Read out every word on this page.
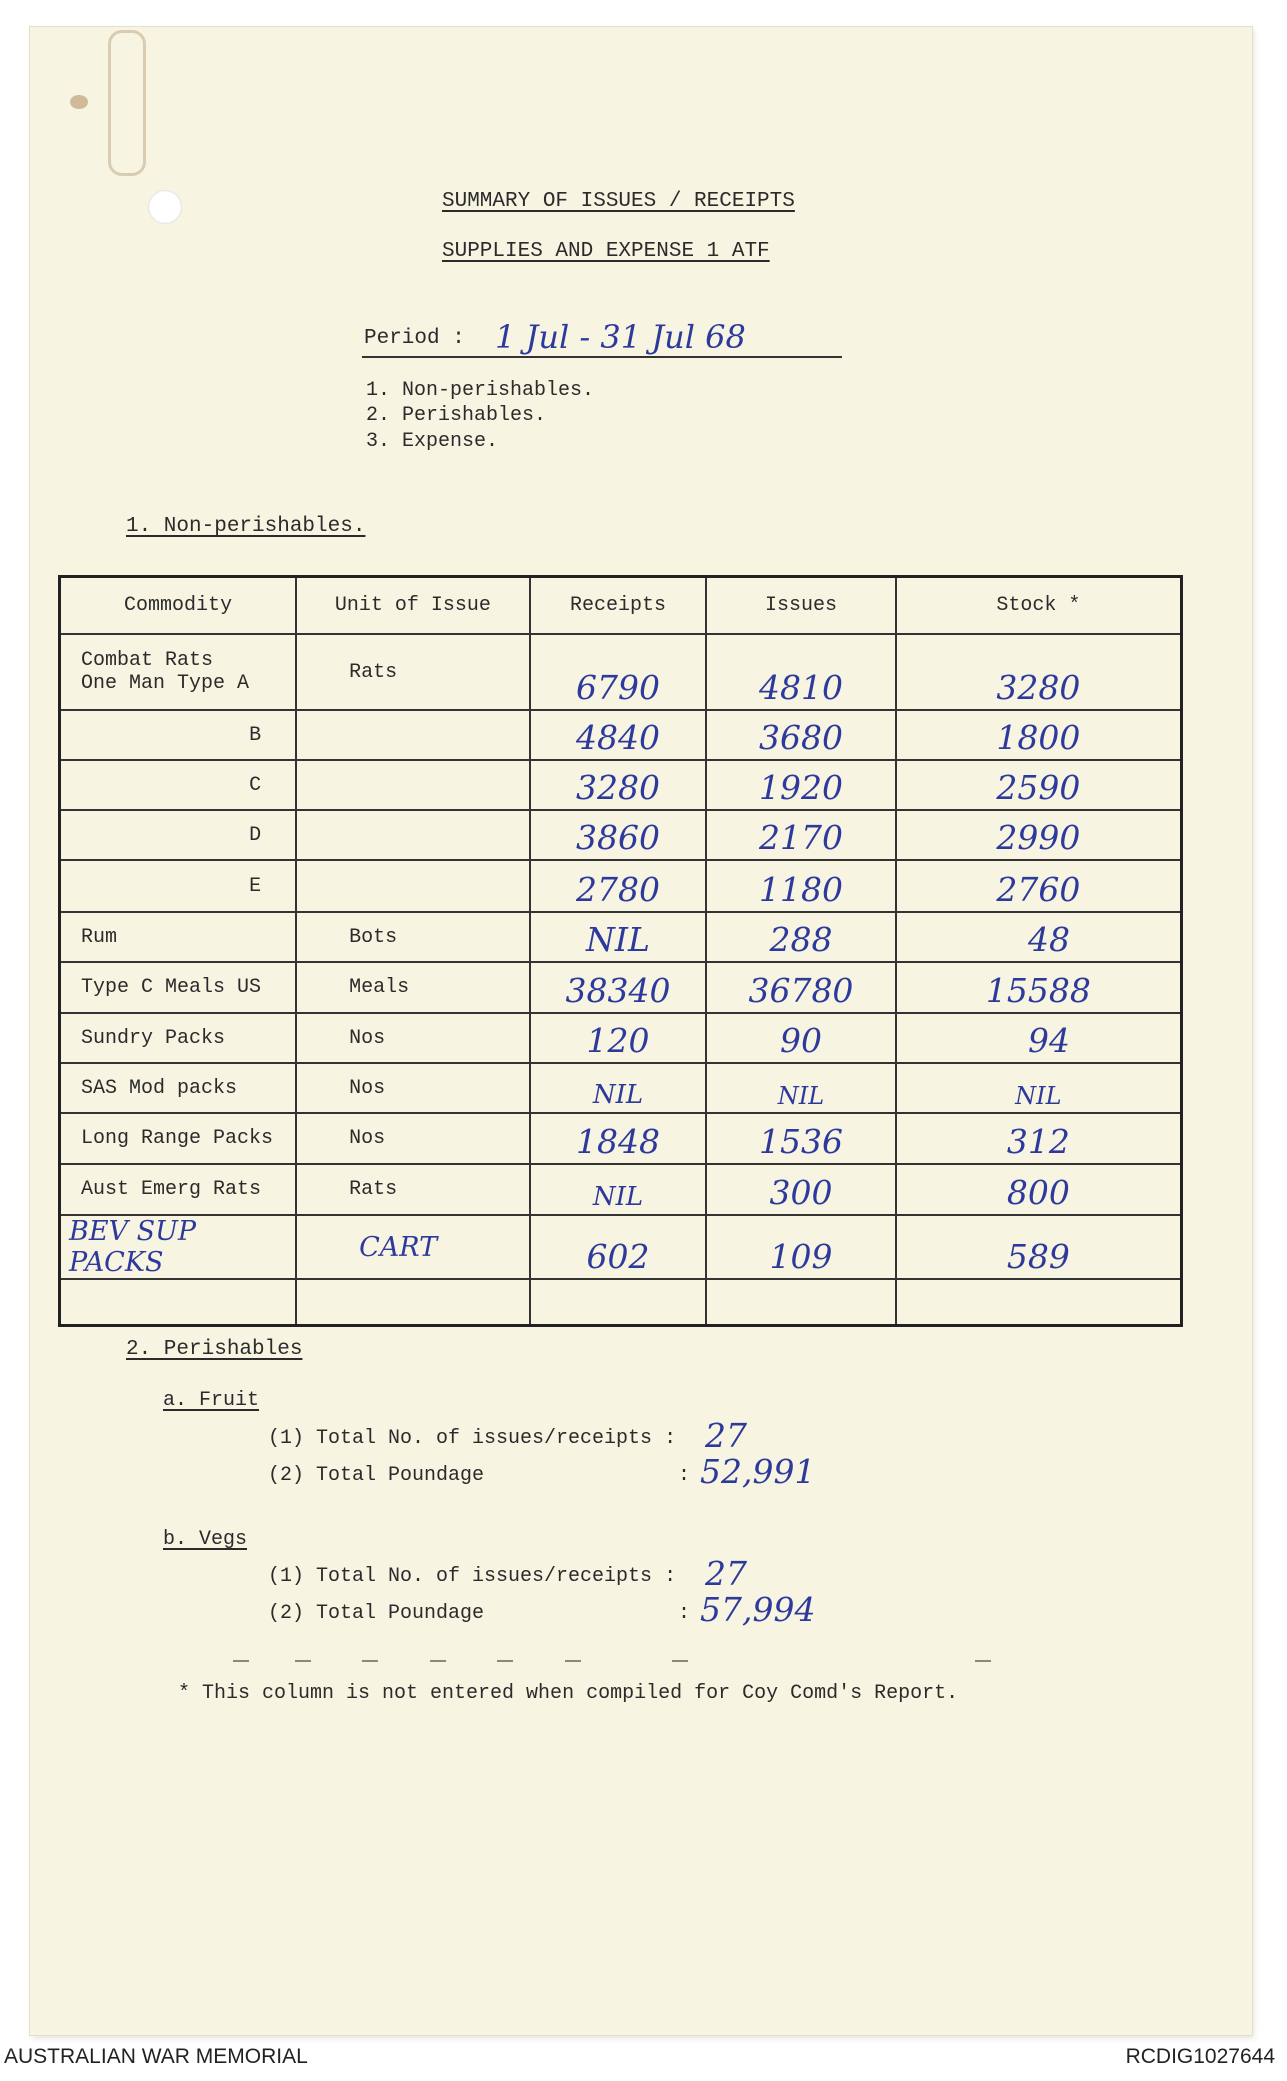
SUMMARY OF ISSUES / RECEIPTS
SUPPLIES AND EXPENSE 1 ATF
Period : 1 Jul - 31 Jul 68
1. Non-perishables.
2. Perishables.
3. Expense.
1. Non-perishables.
Commodity	Unit of Issue	Receipts	Issues	Stock *

Combat Rats
One Man Type A	Rats	6790	4810	3280
B		4840	3680	1800
C		3280	1920	2590
D		3860	2170	2990
E		2780	1180	2760
Rum	Bots	NIL	288	48
Type C Meals US	Meals	38340	36780	15588
Sundry Packs	Nos	120	90	94
SAS Mod packs	Nos	NIL	NIL	NIL
Long Range Packs	Nos	1848	1536	312
Aust Emerg Rats	Rats	NIL	300	800
BEV SUP PACKS	CART	602	109	589

2. Perishables
a. Fruit
(1) Total No. of issues/receipts : 27
(2) Total Poundage	: 52,991
b. Vegs
(1) Total No. of issues/receipts : 27
(2) Total Poundage	: 57,994
* This column is not entered when compiled for Coy Comd's Report.
AUSTRALIAN WAR MEMORIAL	RCDIG1027644
